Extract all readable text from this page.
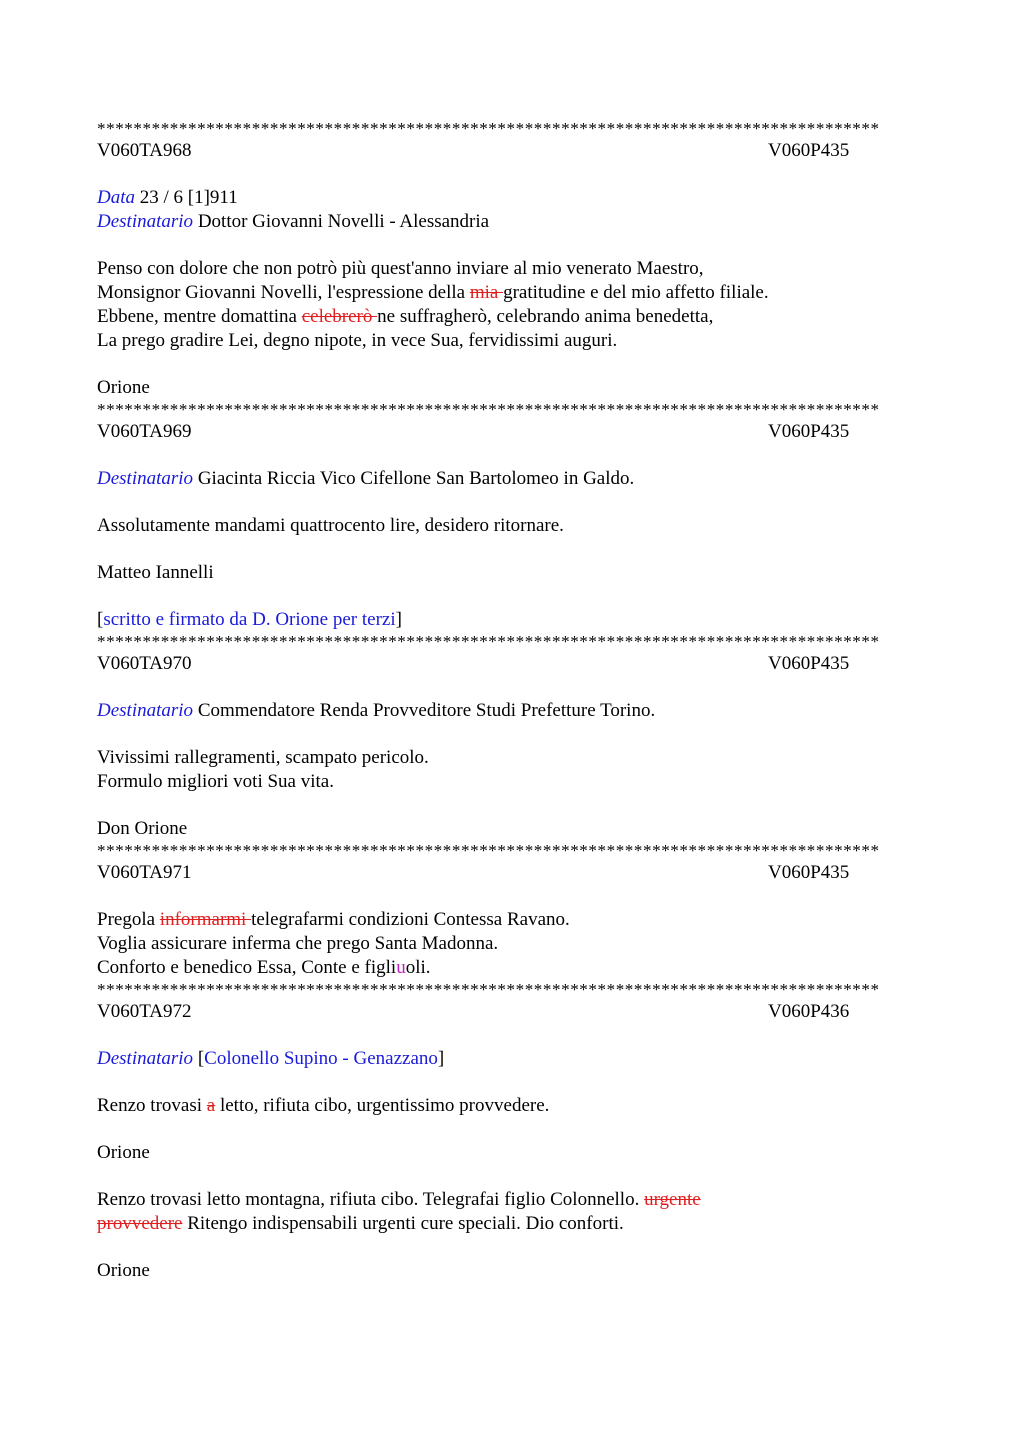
**************************************************************************************
V060TA968	V060P435
Data 23 / 6 [1]911
Destinatario Dottor Giovanni Novelli - Alessandria
Penso con dolore che non potrò più quest'anno inviare al mio venerato Maestro,
Monsignor Giovanni Novelli, l'espressione della mia gratitudine e del mio affetto filiale.
Ebbene, mentre domattina celebrerò ne suffragherò, celebrando anima benedetta,
La prego gradire Lei, degno nipote, in vece Sua, fervidissimi auguri.
Orione
**************************************************************************************
V060TA969	V060P435
Destinatario Giacinta Riccia Vico Cifellone San Bartolomeo in Galdo.
Assolutamente mandami quattrocento lire, desidero ritornare.
Matteo Iannelli
[scritto e firmato da D. Orione per terzi]
**************************************************************************************
V060TA970	V060P435
Destinatario Commendatore Renda Provveditore Studi Prefetture Torino.
Vivissimi rallegramenti, scampato pericolo.
Formulo migliori voti Sua vita.
Don Orione
**************************************************************************************
V060TA971	V060P435
Pregola informarmi telegrafarmi condizioni Contessa Ravano.
Voglia assicurare inferma che prego Santa Madonna.
Conforto e benedico Essa, Conte e figliuoli.
**************************************************************************************
V060TA972	V060P436
Destinatario [Colonello Supino - Genazzano]
Renzo trovasi a letto, rifiuta cibo, urgentissimo provvedere.
Orione
Renzo trovasi letto montagna, rifiuta cibo. Telegrafai figlio Colonnello. urgente
provvedere Ritengo indispensabili urgenti cure speciali. Dio conforti.
Orione
